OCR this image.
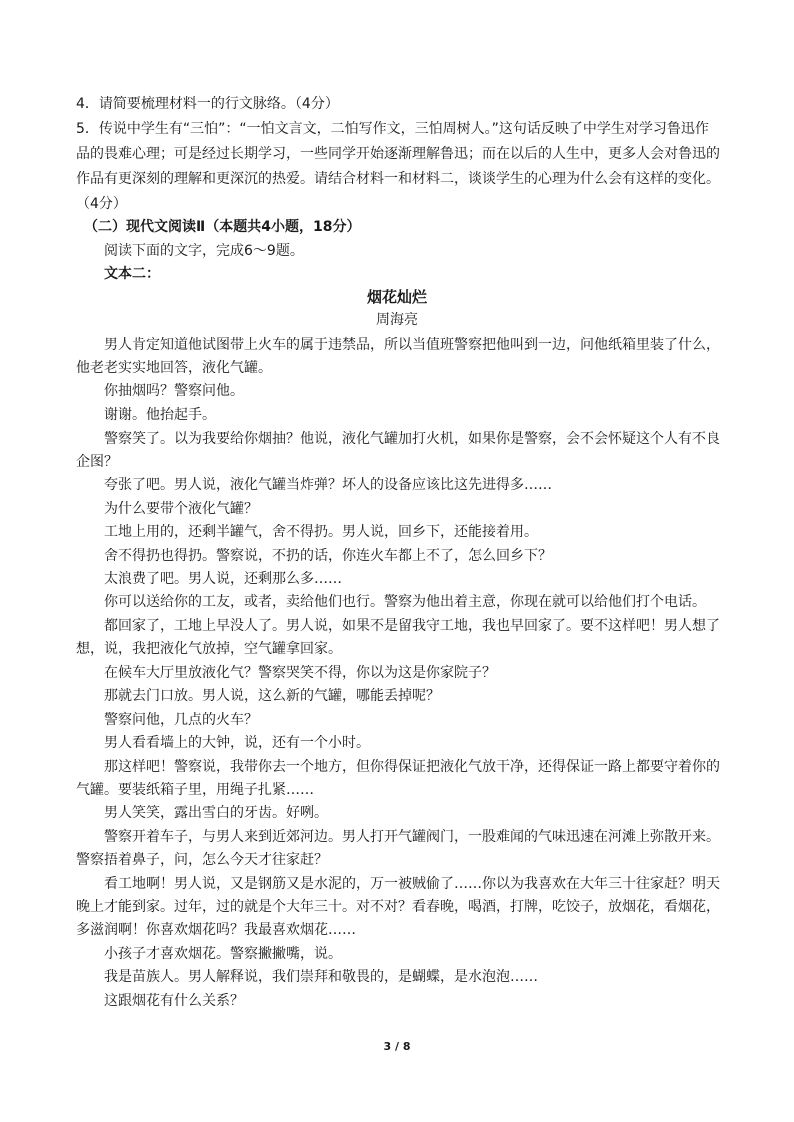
4．请简要梳理材料一的行文脉络。（4分）
5．传说中学生有“三怕”：“一怕文言文，二怕写作文，三怕周树人。”这句话反映了中学生对学习鲁迅作
品的畏难心理；可是经过长期学习，一些同学开始逐渐理解鲁迅；而在以后的人生中，更多人会对鲁迅的
作品有更深刻的理解和更深沉的热爱。请结合材料一和材料二，谈谈学生的心理为什么会有这样的变化。
（4分）
（二）现代文阅读Ⅱ（本题共4小题，18分）
阅读下面的文字，完成6～9题。
文本二：
烟花灿烂
周海亮
男人肯定知道他试图带上火车的属于违禁品，所以当值班警察把他叫到一边，问他纸箱里装了什么，
他老老实实地回答，液化气罐。
你抽烟吗？警察问他。
谢谢。他抬起手。
警察笑了。以为我要给你烟抽？他说，液化气罐加打火机，如果你是警察，会不会怀疑这个人有不良
企图？
夸张了吧。男人说，液化气罐当炸弹？坏人的设备应该比这先进得多……
为什么要带个液化气罐？
工地上用的，还剩半罐气，舍不得扔。男人说，回乡下，还能接着用。
舍不得扔也得扔。警察说，不扔的话，你连火车都上不了，怎么回乡下？
太浪费了吧。男人说，还剩那么多……
你可以送给你的工友，或者，卖给他们也行。警察为他出着主意，你现在就可以给他们打个电话。
都回家了，工地上早没人了。男人说，如果不是留我守工地，我也早回家了。要不这样吧！男人想了
想，说，我把液化气放掉，空气罐拿回家。
在候车大厅里放液化气？警察哭笑不得，你以为这是你家院子？
那就去门口放。男人说，这么新的气罐，哪能丢掉呢？
警察问他，几点的火车？
男人看看墙上的大钟，说，还有一个小时。
那这样吧！警察说，我带你去一个地方，但你得保证把液化气放干净，还得保证一路上都要守着你的
气罐。要装纸箱子里，用绳子扎紧……
男人笑笑，露出雪白的牙齿。好咧。
警察开着车子，与男人来到近郊河边。男人打开气罐阀门，一股难闻的气味迅速在河滩上弥散开来。
警察捂着鼻子，问，怎么今天才往家赶？
看工地啊！男人说，又是钢筋又是水泥的，万一被贼偷了……你以为我喜欢在大年三十往家赶？明天
晚上才能到家。过年，过的就是个大年三十。对不对？看春晚，喝酒，打牌，吃饺子，放烟花，看烟花，
多滋润啊！你喜欢烟花吗？我最喜欢烟花……
小孩子才喜欢烟花。警察撇撇嘴，说。
我是苗族人。男人解释说，我们崇拜和敬畏的，是蝴蝶，是水泡泡……
这跟烟花有什么关系？
3 / 8
